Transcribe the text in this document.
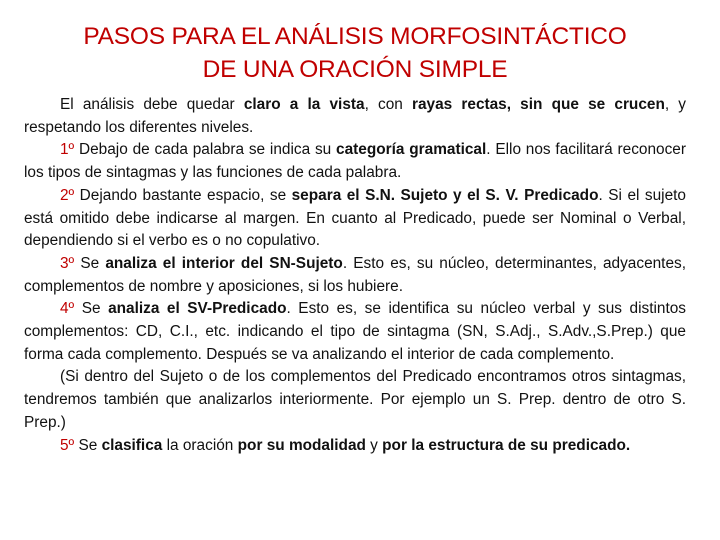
PASOS PARA EL ANÁLISIS MORFOSINTÁCTICO
DE UNA ORACIÓN SIMPLE

El análisis debe quedar claro a la vista, con rayas rectas, sin que se crucen, y respetando los diferentes niveles.

1º Debajo de cada palabra se indica su categoría gramatical. Ello nos facilitará reconocer los tipos de sintagmas y las funciones de cada palabra.

2º Dejando bastante espacio, se separa el S.N. Sujeto y el S. V. Predicado. Si el sujeto está omitido debe indicarse al margen. En cuanto al Predicado, puede ser Nominal o Verbal, dependiendo si el verbo es o no copulativo.

3º Se analiza el interior del SN-Sujeto. Esto es, su núcleo, determinantes, adyacentes, complementos de nombre y aposiciones, si los hubiere.

4º Se analiza el SV-Predicado. Esto es, se identifica su núcleo verbal y sus distintos complementos: CD, C.I., etc. indicando el tipo de sintagma (SN, S.Adj., S.Adv.,S.Prep.) que forma cada complemento. Después se va analizando el interior de cada complemento.

(Si dentro del Sujeto o de los complementos del Predicado encontramos otros sintagmas, tendremos también que analizarlos interiormente. Por ejemplo un S. Prep. dentro de otro S. Prep.)

5º Se clasifica la oración por su modalidad y por la estructura de su predicado.
